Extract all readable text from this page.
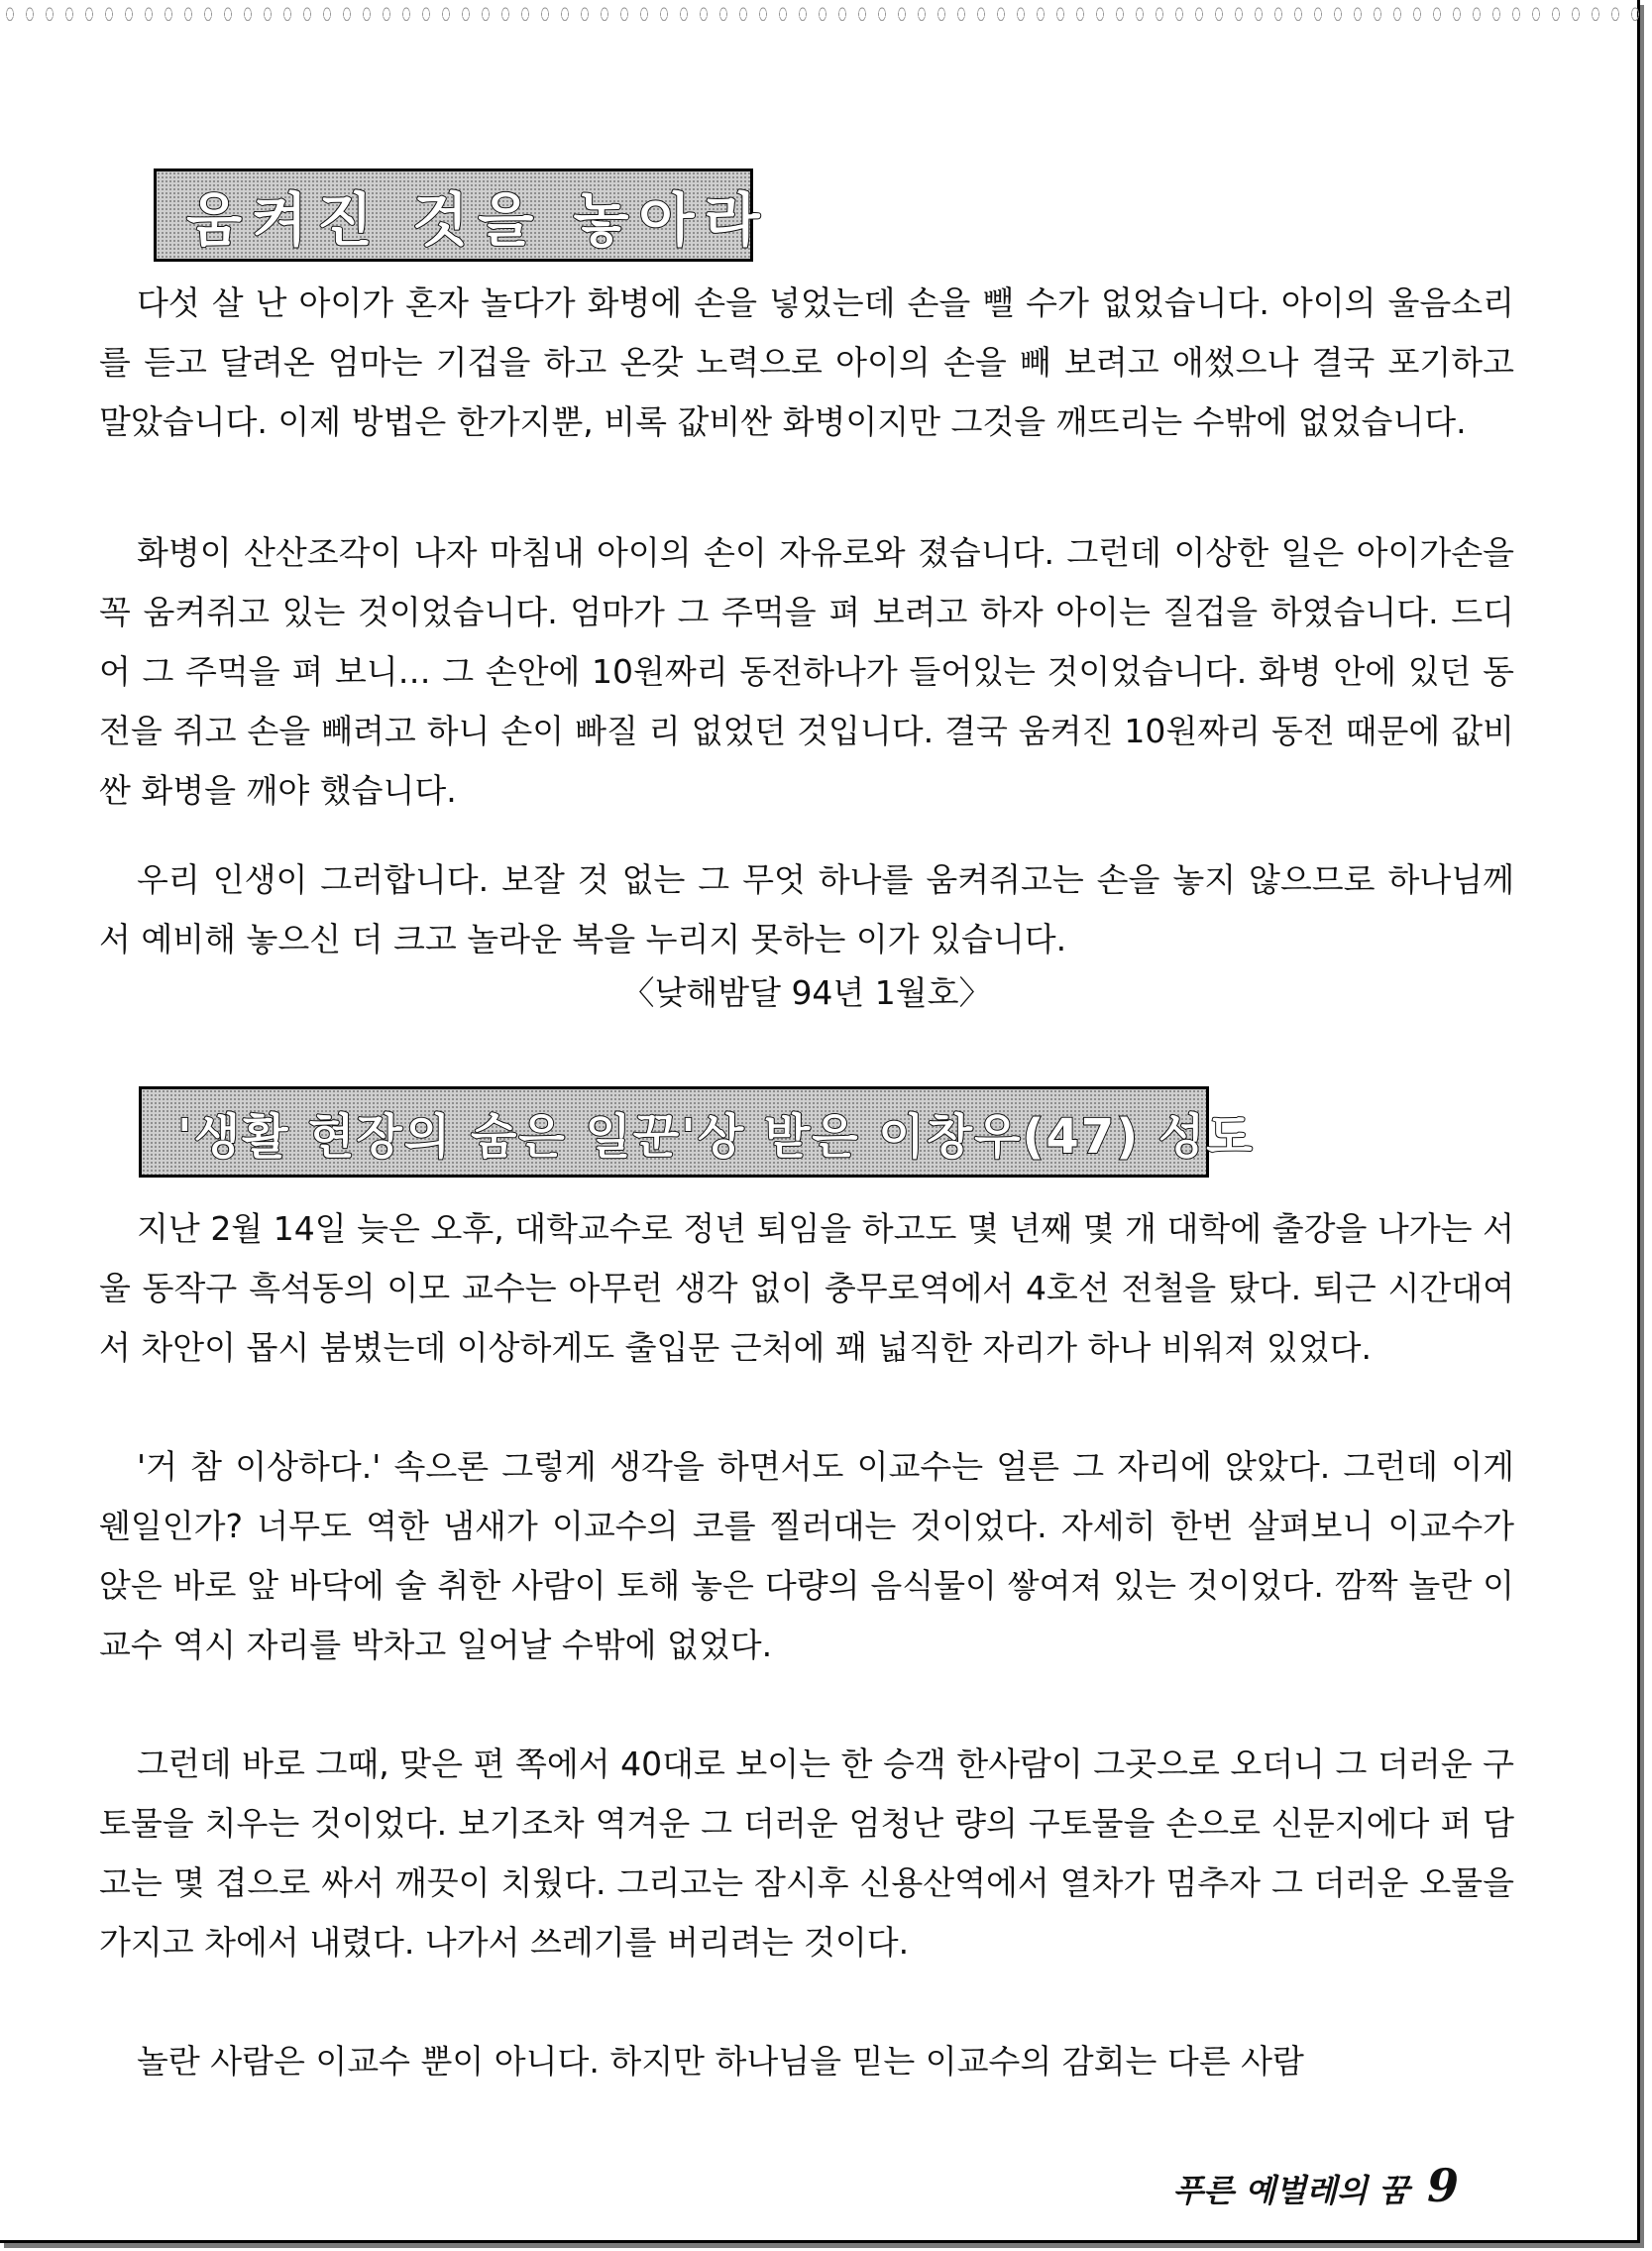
움켜진 것을 놓아라

다섯 살 난 아이가 혼자 놀다가 화병에 손을 넣었는데 손을 뺄 수가 없었습니다. 아이의 울음소리를 듣고 달려온 엄마는 기겁을 하고 온갖 노력으로 아이의 손을 빼 보려고 애썼으나 결국 포기하고 말았습니다. 이제 방법은 한가지뿐, 비록 값비싼 화병이지만 그것을 깨뜨리는 수밖에 없었습니다.

화병이 산산조각이 나자 마침내 아이의 손이 자유로와 졌습니다. 그런데 이상한 일은 아이가손을 꼭 움켜쥐고 있는 것이었습니다. 엄마가 그 주먹을 펴 보려고 하자 아이는 질겁을 하였습니다. 드디어 그 주먹을 펴 보니… 그 손안에 10원짜리 동전하나가 들어있는 것이었습니다. 화병 안에 있던 동전을 쥐고 손을 빼려고 하니 손이 빠질 리 없었던 것입니다. 결국 움켜진 10원짜리 동전 때문에 값비싼 화병을 깨야 했습니다.

우리 인생이 그러합니다. 보잘 것 없는 그 무엇 하나를 움켜쥐고는 손을 놓지 않으므로 하나님께서 예비해 놓으신 더 크고 놀라운 복을 누리지 못하는 이가 있습니다.

〈낮해밤달 94년 1월호〉
'생활 현장의 숨은 일꾼'상 받은 이창우(47) 성도

지난 2월 14일 늦은 오후, 대학교수로 정년 퇴임을 하고도 몇 년째 몇 개 대학에 출강을 나가는 서울 동작구 흑석동의 이모 교수는 아무런 생각 없이 충무로역에서 4호선 전철을 탔다. 퇴근 시간대여서 차안이 몹시 붐볐는데 이상하게도 출입문 근처에 꽤 넓직한 자리가 하나 비워져 있었다.

'거 참 이상하다.' 속으론 그렇게 생각을 하면서도 이교수는 얼른 그 자리에 앉았다. 그런데 이게 웬일인가? 너무도 역한 냄새가 이교수의 코를 찔러대는 것이었다. 자세히 한번 살펴보니 이교수가 앉은 바로 앞 바닥에 술 취한 사람이 토해 놓은 다량의 음식물이 쌓여져 있는 것이었다. 깜짝 놀란 이교수 역시 자리를 박차고 일어날 수밖에 없었다.

그런데 바로 그때, 맞은 편 쪽에서 40대로 보이는 한 승객 한사람이 그곳으로 오더니 그 더러운 구토물을 치우는 것이었다. 보기조차 역겨운 그 더러운 엄청난 량의 구토물을 손으로 신문지에다 퍼 담고는 몇 겹으로 싸서 깨끗이 치웠다. 그리고는 잠시후 신용산역에서 열차가 멈추자 그 더러운 오물을 가지고 차에서 내렸다. 나가서 쓰레기를 버리려는 것이다.

놀란 사람은 이교수 뿐이 아니다. 하지만 하나님을 믿는 이교수의 감회는 다른 사람

푸른 예벌레의 꿈 9
